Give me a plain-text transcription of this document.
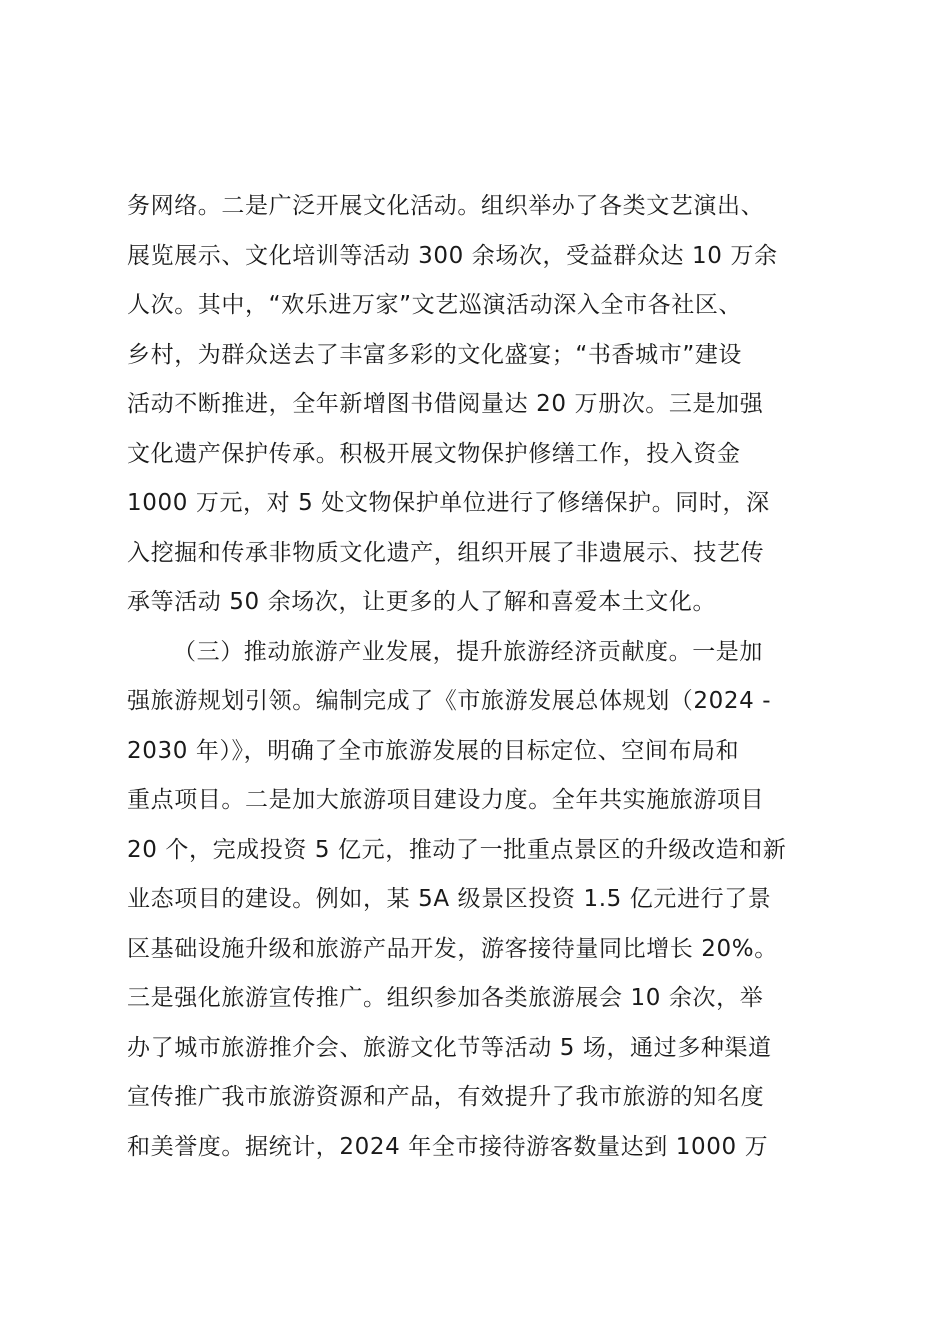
务网络。二是广泛开展文化活动。组织举办了各类文艺演出、
展览展示、文化培训等活动 300 余场次，受益群众达 10 万余
人次。其中，“欢乐进万家”文艺巡演活动深入全市各社区、
乡村，为群众送去了丰富多彩的文化盛宴；“书香城市”建设
活动不断推进，全年新增图书借阅量达 20 万册次。三是加强
文化遗产保护传承。积极开展文物保护修缮工作，投入资金
1000 万元，对 5 处文物保护单位进行了修缮保护。同时，深
入挖掘和传承非物质文化遗产，组织开展了非遗展示、技艺传
承等活动 50 余场次，让更多的人了解和喜爱本土文化。
（三）推动旅游产业发展，提升旅游经济贡献度。一是加
强旅游规划引领。编制完成了《市旅游发展总体规划（2024 -
2030 年）》，明确了全市旅游发展的目标定位、空间布局和
重点项目。二是加大旅游项目建设力度。全年共实施旅游项目
20 个，完成投资 5 亿元，推动了一批重点景区的升级改造和新
业态项目的建设。例如，某 5A 级景区投资 1.5 亿元进行了景
区基础设施升级和旅游产品开发，游客接待量同比增长 20%。
三是强化旅游宣传推广。组织参加各类旅游展会 10 余次，举
办了城市旅游推介会、旅游文化节等活动 5 场，通过多种渠道
宣传推广我市旅游资源和产品，有效提升了我市旅游的知名度
和美誉度。据统计，2024 年全市接待游客数量达到 1000 万
